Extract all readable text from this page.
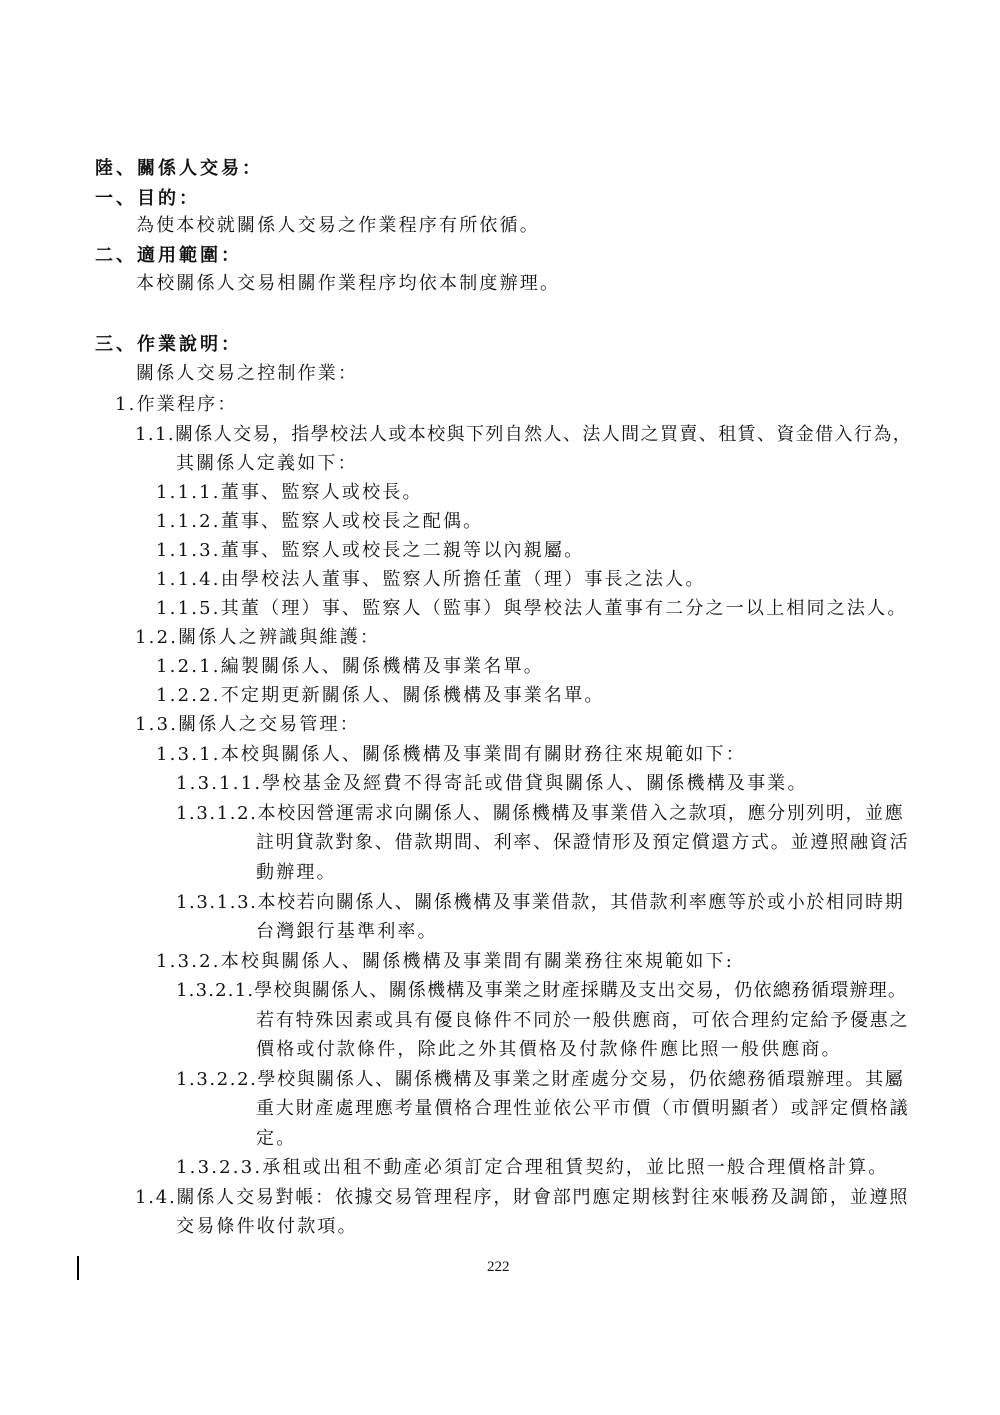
陸、關係人交易：
一、目的：
為使本校就關係人交易之作業程序有所依循。
二、適用範圍：
本校關係人交易相關作業程序均依本制度辦理。
三、作業說明：
關係人交易之控制作業：
1.作業程序：
1.1.關係人交易，指學校法人或本校與下列自然人、法人間之買賣、租賃、資金借入行為，
其關係人定義如下：
1.1.1.董事、監察人或校長。
1.1.2.董事、監察人或校長之配偶。
1.1.3.董事、監察人或校長之二親等以內親屬。
1.1.4.由學校法人董事、監察人所擔任董（理）事長之法人。
1.1.5.其董（理）事、監察人（監事）與學校法人董事有二分之一以上相同之法人。
1.2.關係人之辨識與維護：
1.2.1.編製關係人、關係機構及事業名單。
1.2.2.不定期更新關係人、關係機構及事業名單。
1.3.關係人之交易管理：
1.3.1.本校與關係人、關係機構及事業間有關財務往來規範如下：
1.3.1.1.學校基金及經費不得寄託或借貸與關係人、關係機構及事業。
1.3.1.2.本校因營運需求向關係人、關係機構及事業借入之款項，應分別列明，並應
註明貸款對象、借款期間、利率、保證情形及預定償還方式。並遵照融資活
動辦理。
1.3.1.3.本校若向關係人、關係機構及事業借款，其借款利率應等於或小於相同時期
台灣銀行基準利率。
1.3.2.本校與關係人、關係機構及事業間有關業務往來規範如下:
1.3.2.1.學校與關係人、關係機構及事業之財產採購及支出交易，仍依總務循環辦理。
若有特殊因素或具有優良條件不同於一般供應商，可依合理約定給予優惠之
價格或付款條件，除此之外其價格及付款條件應比照一般供應商。
1.3.2.2.學校與關係人、關係機構及事業之財產處分交易，仍依總務循環辦理。其屬
重大財產處理應考量價格合理性並依公平市價（市價明顯者）或評定價格議
定。
1.3.2.3.承租或出租不動產必須訂定合理租賃契約，並比照一般合理價格計算。
1.4.關係人交易對帳：依據交易管理程序，財會部門應定期核對往來帳務及調節，並遵照
交易條件收付款項。
222
